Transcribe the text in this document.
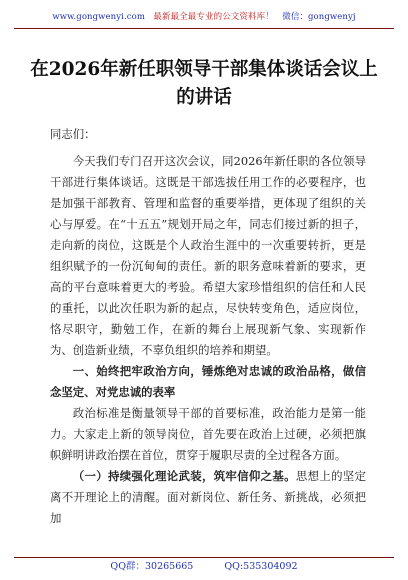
www.gongwenyi.com 最新最全最专业的公文资料库！ 微信：gongwenyj
在2026年新任职领导干部集体谈话会议上的讲话

同志们：

今天我们专门召开这次会议，同2026年新任职的各位领导干部进行集体谈话。这既是干部选拔任用工作的必要程序，也是加强干部教育、管理和监督的重要举措，更体现了组织的关心与厚爱。在“十五五”规划开局之年，同志们接过新的担子，走向新的岗位，这既是个人政治生涯中的一次重要转折，更是组织赋予的一份沉甸甸的责任。新的职务意味着新的要求，更高的平台意味着更大的考验。希望大家珍惜组织的信任和人民的重托，以此次任职为新的起点，尽快转变角色，适应岗位，恪尽职守，勤勉工作，在新的舞台上展现新气象、实现新作为、创造新业绩，不辜负组织的培养和期望。

一、始终把牢政治方向，锤炼绝对忠诚的政治品格，做信念坚定、对党忠诚的表率

政治标准是衡量领导干部的首要标准，政治能力是第一能力。大家走上新的领导岗位，首先要在政治上过硬，必须把旗帜鲜明讲政治摆在首位，贯穿于履职尽责的全过程各方面。

（一）持续强化理论武装，筑牢信仰之基。思想上的坚定离不开理论上的清醒。面对新岗位、新任务、新挑战，必须把加

QQ群：30265665	QQ:535304092
